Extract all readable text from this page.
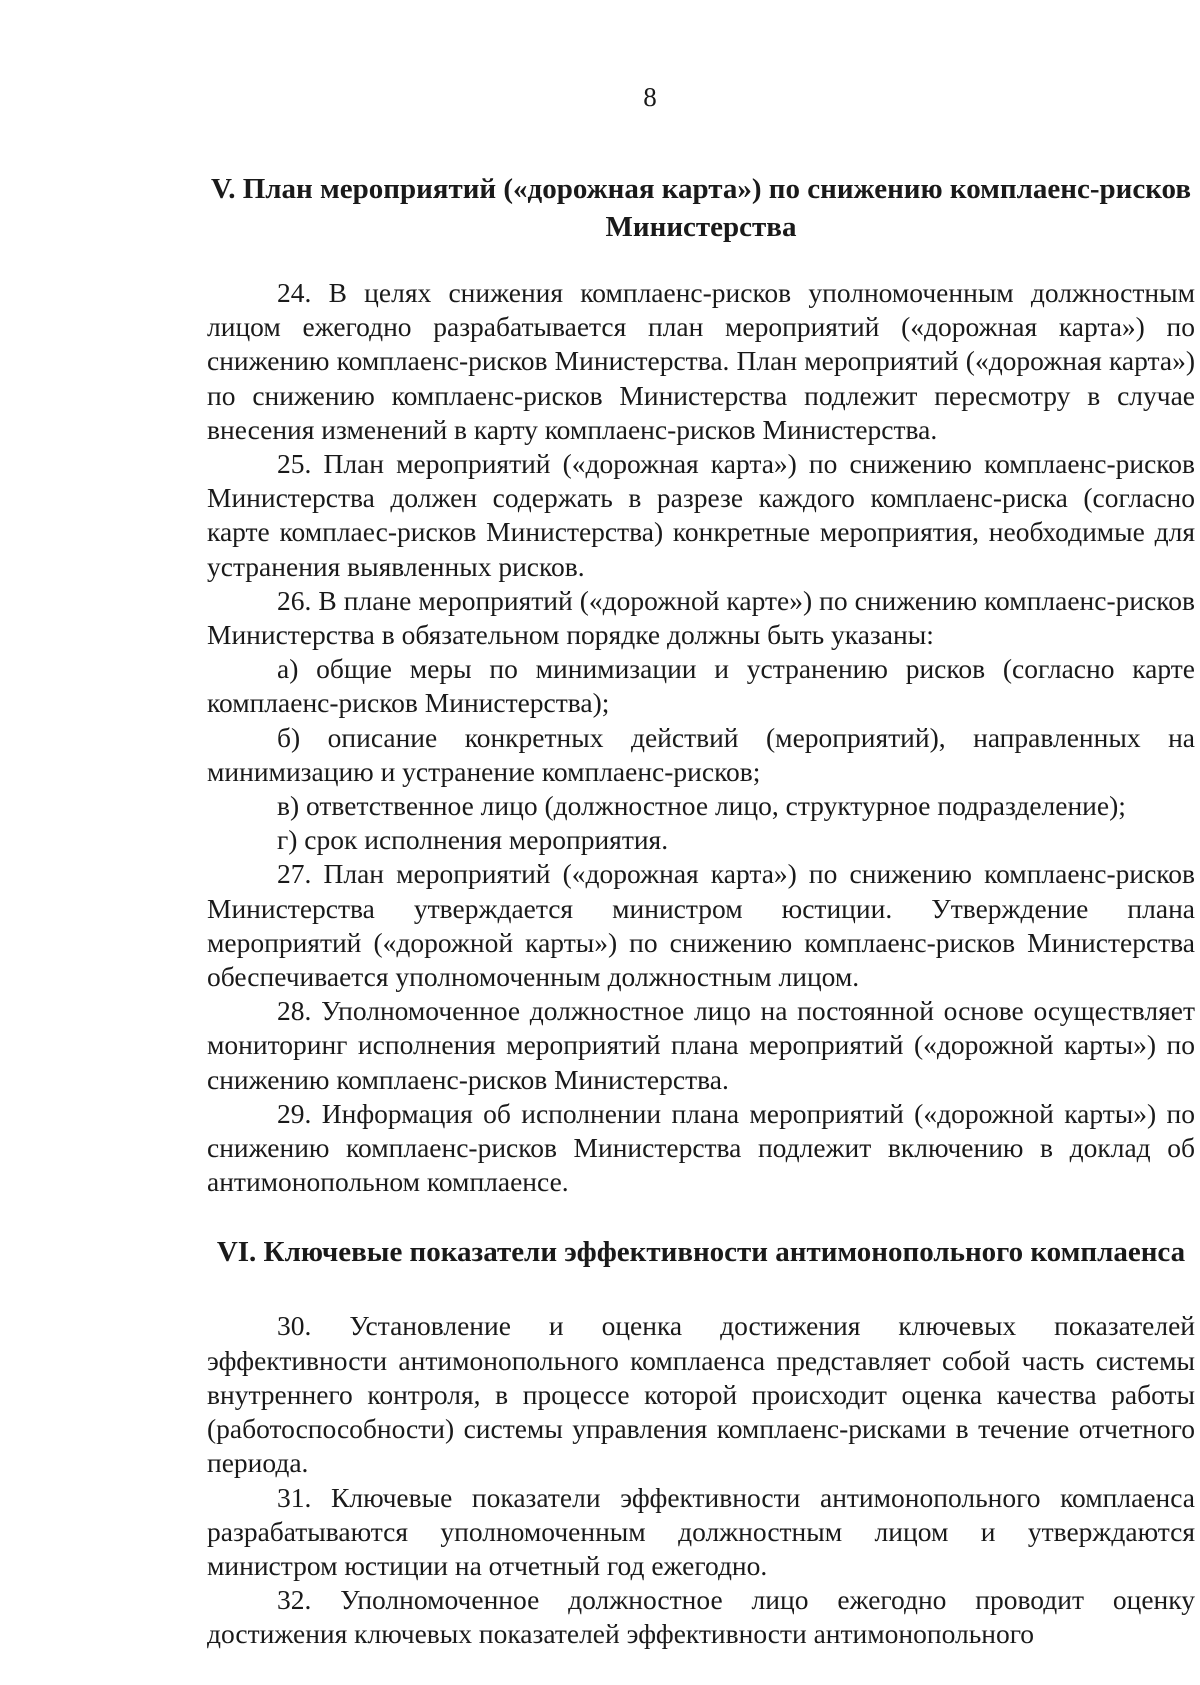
8
V. План мероприятий («дорожная карта») по снижению комплаенс-рисков Министерства

24. В целях снижения комплаенс-рисков уполномоченным должностным лицом ежегодно разрабатывается план мероприятий («дорожная карта») по снижению комплаенс-рисков Министерства. План мероприятий («дорожная карта») по снижению комплаенс-рисков Министерства подлежит пересмотру в случае внесения изменений в карту комплаенс-рисков Министерства.

25. План мероприятий («дорожная карта») по снижению комплаенс-рисков Министерства должен содержать в разрезе каждого комплаенс-риска (согласно карте комплаес-рисков Министерства) конкретные мероприятия, необходимые для устранения выявленных рисков.

26. В плане мероприятий («дорожной карте») по снижению комплаенс-рисков Министерства в обязательном порядке должны быть указаны:

а) общие меры по минимизации и устранению рисков (согласно карте комплаенс-рисков Министерства);

б) описание конкретных действий (мероприятий), направленных на минимизацию и устранение комплаенс-рисков;

в) ответственное лицо (должностное лицо, структурное подразделение);

г) срок исполнения мероприятия.

27. План мероприятий («дорожная карта») по снижению комплаенс-рисков Министерства утверждается министром юстиции. Утверждение плана мероприятий («дорожной карты») по снижению комплаенс-рисков Министерства обеспечивается уполномоченным должностным лицом.

28. Уполномоченное должностное лицо на постоянной основе осуществляет мониторинг исполнения мероприятий плана мероприятий («дорожной карты») по снижению комплаенс-рисков Министерства.

29. Информация об исполнении плана мероприятий («дорожной карты») по снижению комплаенс-рисков Министерства подлежит включению в доклад об антимонопольном комплаенсе.

VI. Ключевые показатели эффективности антимонопольного комплаенса

30. Установление и оценка достижения ключевых показателей эффективности антимонопольного комплаенса представляет собой часть системы внутреннего контроля, в процессе которой происходит оценка качества работы (работоспособности) системы управления комплаенс-рисками в течение отчетного периода.

31. Ключевые показатели эффективности антимонопольного комплаенса разрабатываются уполномоченным должностным лицом и утверждаются министром юстиции на отчетный год ежегодно.

32. Уполномоченное должностное лицо ежегодно проводит оценку достижения ключевых показателей эффективности антимонопольного
